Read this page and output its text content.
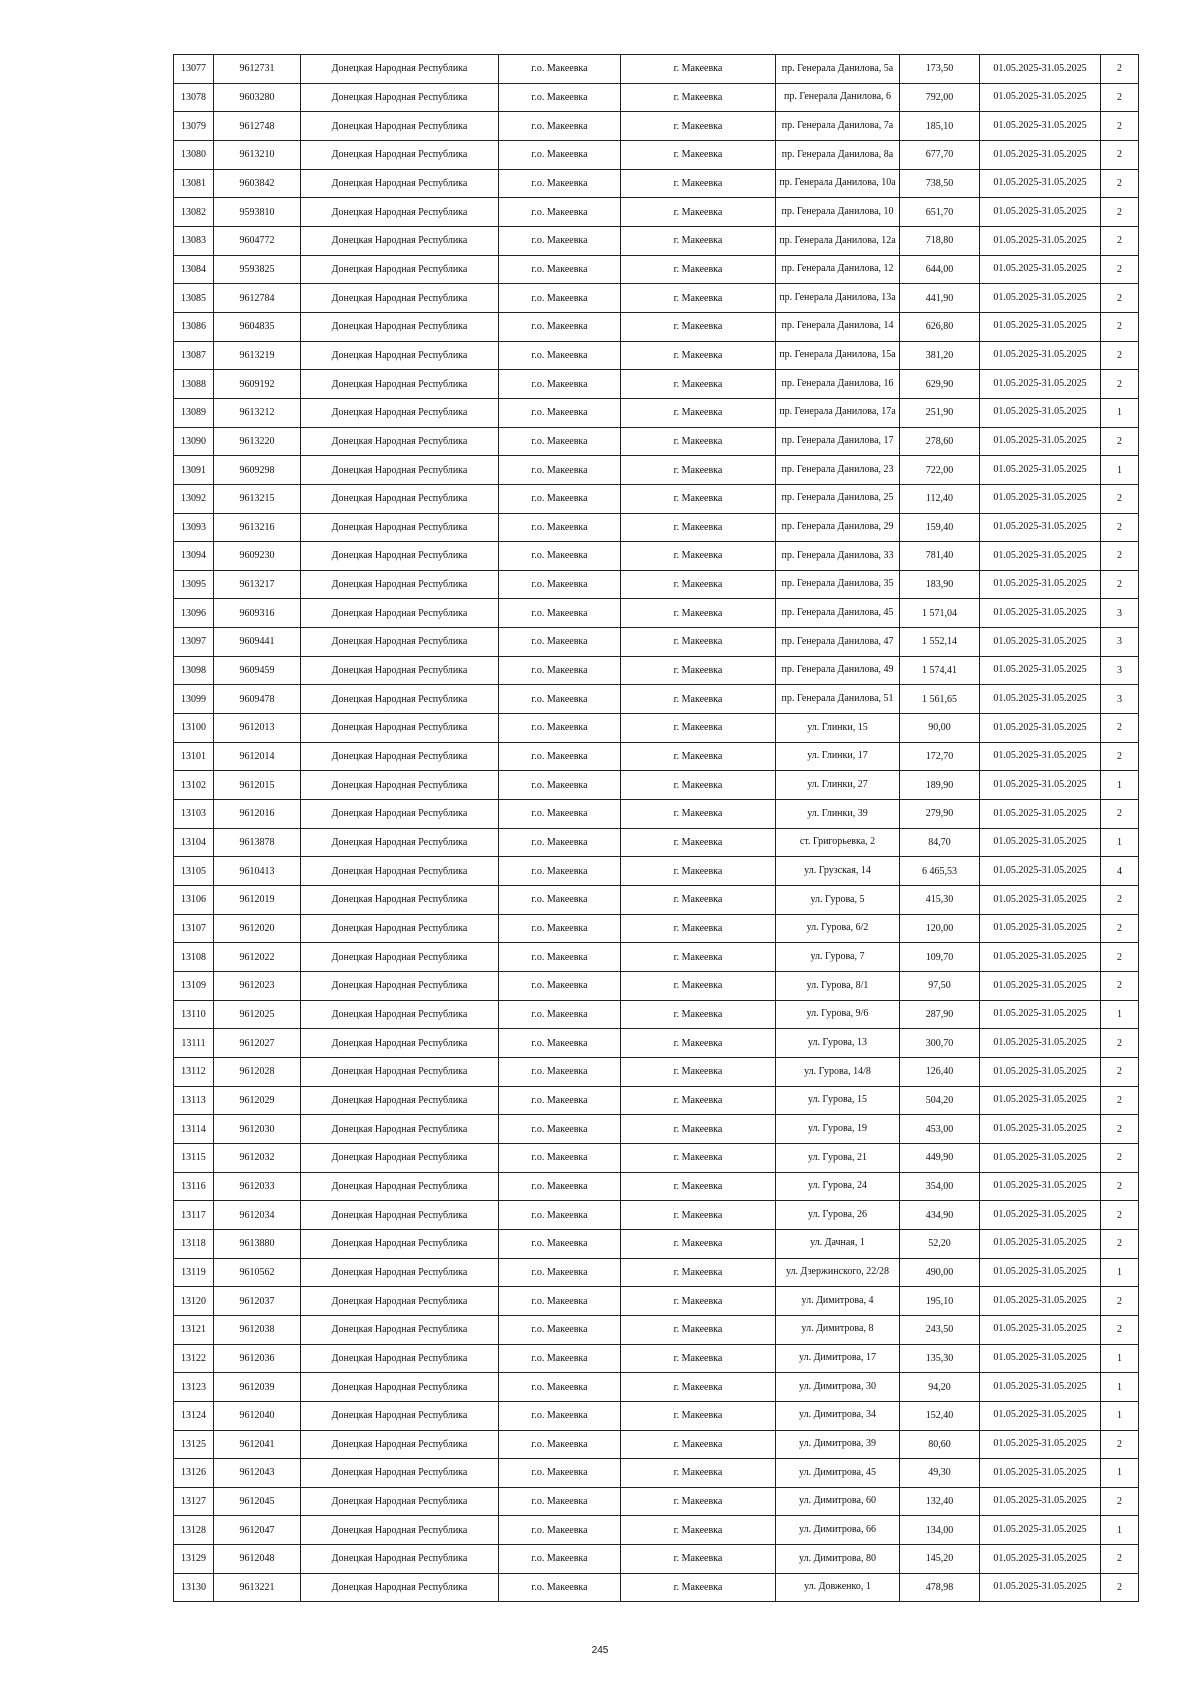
13077	9612731	Донецкая Народная Республика	г.о. Макеевка	г. Макеевка	пр. Генерала Данилова, 5а	173,50	01.05.2025-31.05.2025	2
13078	9603280	Донецкая Народная Республика	г.о. Макеевка	г. Макеевка	пр. Генерала Данилова, 6	792,00	01.05.2025-31.05.2025	2
13079	9612748	Донецкая Народная Республика	г.о. Макеевка	г. Макеевка	пр. Генерала Данилова, 7а	185,10	01.05.2025-31.05.2025	2
13080	9613210	Донецкая Народная Республика	г.о. Макеевка	г. Макеевка	пр. Генерала Данилова, 8а	677,70	01.05.2025-31.05.2025	2
13081	9603842	Донецкая Народная Республика	г.о. Макеевка	г. Макеевка	пр. Генерала Данилова, 10а	738,50	01.05.2025-31.05.2025	2
13082	9593810	Донецкая Народная Республика	г.о. Макеевка	г. Макеевка	пр. Генерала Данилова, 10	651,70	01.05.2025-31.05.2025	2
13083	9604772	Донецкая Народная Республика	г.о. Макеевка	г. Макеевка	пр. Генерала Данилова, 12а	718,80	01.05.2025-31.05.2025	2
13084	9593825	Донецкая Народная Республика	г.о. Макеевка	г. Макеевка	пр. Генерала Данилова, 12	644,00	01.05.2025-31.05.2025	2
13085	9612784	Донецкая Народная Республика	г.о. Макеевка	г. Макеевка	пр. Генерала Данилова, 13а	441,90	01.05.2025-31.05.2025	2
13086	9604835	Донецкая Народная Республика	г.о. Макеевка	г. Макеевка	пр. Генерала Данилова, 14	626,80	01.05.2025-31.05.2025	2
13087	9613219	Донецкая Народная Республика	г.о. Макеевка	г. Макеевка	пр. Генерала Данилова, 15а	381,20	01.05.2025-31.05.2025	2
13088	9609192	Донецкая Народная Республика	г.о. Макеевка	г. Макеевка	пр. Генерала Данилова, 16	629,90	01.05.2025-31.05.2025	2
13089	9613212	Донецкая Народная Республика	г.о. Макеевка	г. Макеевка	пр. Генерала Данилова, 17а	251,90	01.05.2025-31.05.2025	1
13090	9613220	Донецкая Народная Республика	г.о. Макеевка	г. Макеевка	пр. Генерала Данилова, 17	278,60	01.05.2025-31.05.2025	2
13091	9609298	Донецкая Народная Республика	г.о. Макеевка	г. Макеевка	пр. Генерала Данилова, 23	722,00	01.05.2025-31.05.2025	1
13092	9613215	Донецкая Народная Республика	г.о. Макеевка	г. Макеевка	пр. Генерала Данилова, 25	112,40	01.05.2025-31.05.2025	2
13093	9613216	Донецкая Народная Республика	г.о. Макеевка	г. Макеевка	пр. Генерала Данилова, 29	159,40	01.05.2025-31.05.2025	2
13094	9609230	Донецкая Народная Республика	г.о. Макеевка	г. Макеевка	пр. Генерала Данилова, 33	781,40	01.05.2025-31.05.2025	2
13095	9613217	Донецкая Народная Республика	г.о. Макеевка	г. Макеевка	пр. Генерала Данилова, 35	183,90	01.05.2025-31.05.2025	2
13096	9609316	Донецкая Народная Республика	г.о. Макеевка	г. Макеевка	пр. Генерала Данилова, 45	1 571,04	01.05.2025-31.05.2025	3
13097	9609441	Донецкая Народная Республика	г.о. Макеевка	г. Макеевка	пр. Генерала Данилова, 47	1 552,14	01.05.2025-31.05.2025	3
13098	9609459	Донецкая Народная Республика	г.о. Макеевка	г. Макеевка	пр. Генерала Данилова, 49	1 574,41	01.05.2025-31.05.2025	3
13099	9609478	Донецкая Народная Республика	г.о. Макеевка	г. Макеевка	пр. Генерала Данилова, 51	1 561,65	01.05.2025-31.05.2025	3
13100	9612013	Донецкая Народная Республика	г.о. Макеевка	г. Макеевка	ул. Глинки, 15	90,00	01.05.2025-31.05.2025	2
13101	9612014	Донецкая Народная Республика	г.о. Макеевка	г. Макеевка	ул. Глинки, 17	172,70	01.05.2025-31.05.2025	2
13102	9612015	Донецкая Народная Республика	г.о. Макеевка	г. Макеевка	ул. Глинки, 27	189,90	01.05.2025-31.05.2025	1
13103	9612016	Донецкая Народная Республика	г.о. Макеевка	г. Макеевка	ул. Глинки, 39	279,90	01.05.2025-31.05.2025	2
13104	9613878	Донецкая Народная Республика	г.о. Макеевка	г. Макеевка	ст. Григорьевка, 2	84,70	01.05.2025-31.05.2025	1
13105	9610413	Донецкая Народная Республика	г.о. Макеевка	г. Макеевка	ул. Грузская, 14	6 465,53	01.05.2025-31.05.2025	4
13106	9612019	Донецкая Народная Республика	г.о. Макеевка	г. Макеевка	ул. Гурова, 5	415,30	01.05.2025-31.05.2025	2
13107	9612020	Донецкая Народная Республика	г.о. Макеевка	г. Макеевка	ул. Гурова, 6/2	120,00	01.05.2025-31.05.2025	2
13108	9612022	Донецкая Народная Республика	г.о. Макеевка	г. Макеевка	ул. Гурова, 7	109,70	01.05.2025-31.05.2025	2
13109	9612023	Донецкая Народная Республика	г.о. Макеевка	г. Макеевка	ул. Гурова, 8/1	97,50	01.05.2025-31.05.2025	2
13110	9612025	Донецкая Народная Республика	г.о. Макеевка	г. Макеевка	ул. Гурова, 9/6	287,90	01.05.2025-31.05.2025	1
13111	9612027	Донецкая Народная Республика	г.о. Макеевка	г. Макеевка	ул. Гурова, 13	300,70	01.05.2025-31.05.2025	2
13112	9612028	Донецкая Народная Республика	г.о. Макеевка	г. Макеевка	ул. Гурова, 14/8	126,40	01.05.2025-31.05.2025	2
13113	9612029	Донецкая Народная Республика	г.о. Макеевка	г. Макеевка	ул. Гурова, 15	504,20	01.05.2025-31.05.2025	2
13114	9612030	Донецкая Народная Республика	г.о. Макеевка	г. Макеевка	ул. Гурова, 19	453,00	01.05.2025-31.05.2025	2
13115	9612032	Донецкая Народная Республика	г.о. Макеевка	г. Макеевка	ул. Гурова, 21	449,90	01.05.2025-31.05.2025	2
13116	9612033	Донецкая Народная Республика	г.о. Макеевка	г. Макеевка	ул. Гурова, 24	354,00	01.05.2025-31.05.2025	2
13117	9612034	Донецкая Народная Республика	г.о. Макеевка	г. Макеевка	ул. Гурова, 26	434,90	01.05.2025-31.05.2025	2
13118	9613880	Донецкая Народная Республика	г.о. Макеевка	г. Макеевка	ул. Дачная, 1	52,20	01.05.2025-31.05.2025	2
13119	9610562	Донецкая Народная Республика	г.о. Макеевка	г. Макеевка	ул. Дзержинского, 22/28	490,00	01.05.2025-31.05.2025	1
13120	9612037	Донецкая Народная Республика	г.о. Макеевка	г. Макеевка	ул. Димитрова, 4	195,10	01.05.2025-31.05.2025	2
13121	9612038	Донецкая Народная Республика	г.о. Макеевка	г. Макеевка	ул. Димитрова, 8	243,50	01.05.2025-31.05.2025	2
13122	9612036	Донецкая Народная Республика	г.о. Макеевка	г. Макеевка	ул. Димитрова, 17	135,30	01.05.2025-31.05.2025	1
13123	9612039	Донецкая Народная Республика	г.о. Макеевка	г. Макеевка	ул. Димитрова, 30	94,20	01.05.2025-31.05.2025	1
13124	9612040	Донецкая Народная Республика	г.о. Макеевка	г. Макеевка	ул. Димитрова, 34	152,40	01.05.2025-31.05.2025	1
13125	9612041	Донецкая Народная Республика	г.о. Макеевка	г. Макеевка	ул. Димитрова, 39	80,60	01.05.2025-31.05.2025	2
13126	9612043	Донецкая Народная Республика	г.о. Макеевка	г. Макеевка	ул. Димитрова, 45	49,30	01.05.2025-31.05.2025	1
13127	9612045	Донецкая Народная Республика	г.о. Макеевка	г. Макеевка	ул. Димитрова, 60	132,40	01.05.2025-31.05.2025	2
13128	9612047	Донецкая Народная Республика	г.о. Макеевка	г. Макеевка	ул. Димитрова, 66	134,00	01.05.2025-31.05.2025	1
13129	9612048	Донецкая Народная Республика	г.о. Макеевка	г. Макеевка	ул. Димитрова, 80	145,20	01.05.2025-31.05.2025	2
13130	9613221	Донецкая Народная Республика	г.о. Макеевка	г. Макеевка	ул. Довженко, 1	478,98	01.05.2025-31.05.2025	2
245
